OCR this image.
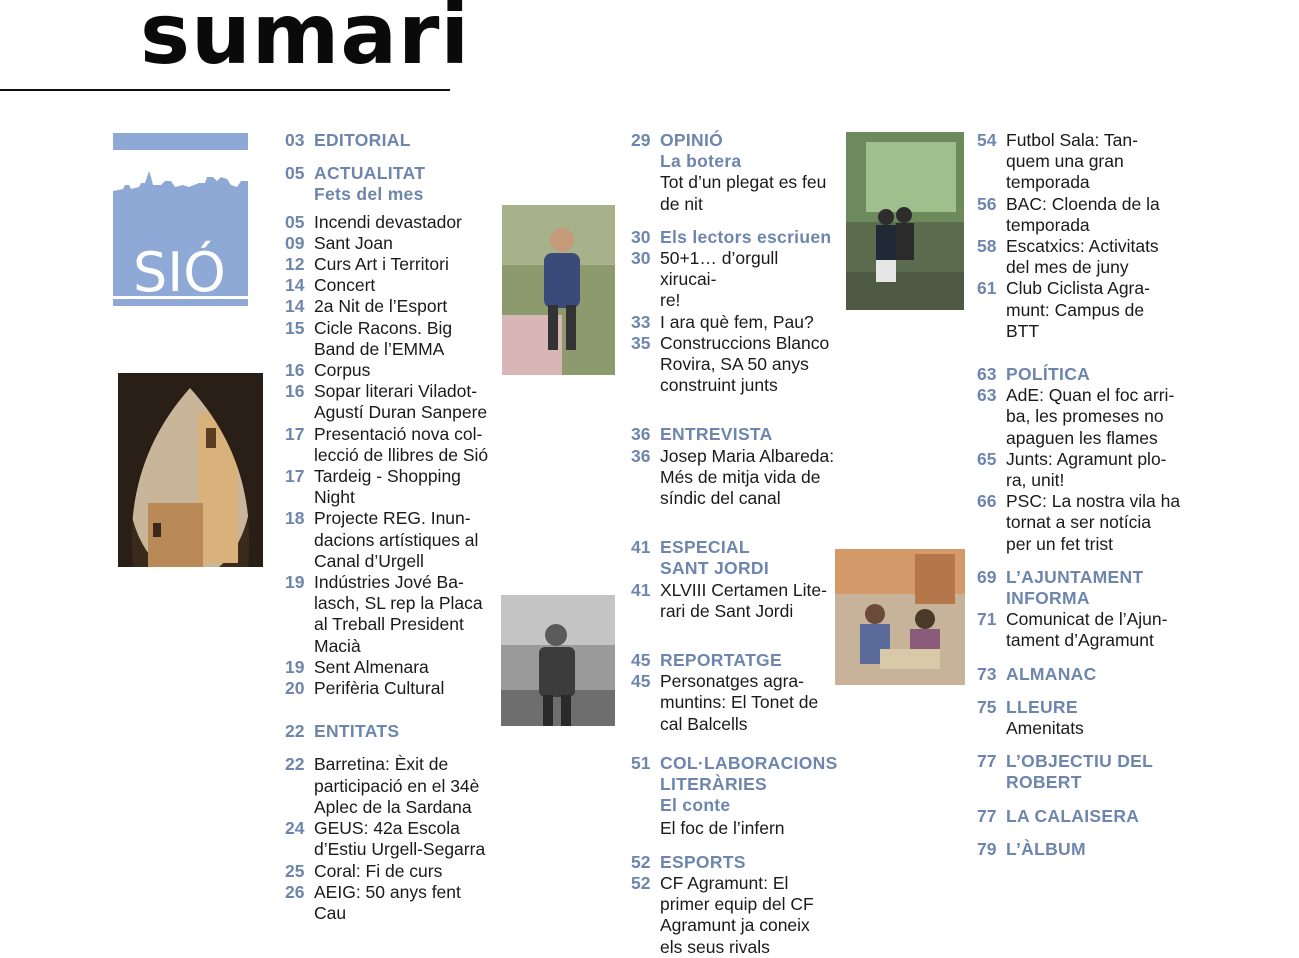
sumari
SIÓ
03 EDITORIAL
05 ACTUALITAT
Fets del mes
05 Incendi devastador
09 Sant Joan
12 Curs Art i Territori
14 Concert
14 2a Nit de l’Esport
15 Cicle Racons. Big
Band de l’EMMA
16 Corpus
16 Sopar literari Viladot-
Agustí Duran Sanpere
17 Presentació nova col-
lecció de llibres de Sió
17 Tardeig - Shopping
Night
18 Projecte REG. Inun-
dacions artístiques al
Canal d’Urgell
19 Indústries Jové Ba-
lasch, SL rep la Placa
al Treball President
Macià
19 Sent Almenara
20 Perifèria Cultural
22 ENTITATS
22 Barretina: Èxit de
participació en el 34è
Aplec de la Sardana
24 GEUS: 42a Escola
d’Estiu Urgell-Segarra
25 Coral: Fi de curs
26 AEIG: 50 anys fent
Cau
29 OPINIÓ
La botera
Tot d’un plegat es feu
de nit
30 Els lectors escriuen
30 50+1… d’orgull xirucai-
re!
33 I ara què fem, Pau?
35 Construccions Blanco
Rovira, SA 50 anys
construint junts
36 ENTREVISTA
36 Josep Maria Albareda:
Més de mitja vida de
síndic del canal
41 ESPECIAL
SANT JORDI
41 XLVIII Certamen Lite-
rari de Sant Jordi
45 REPORTATGE
45 Personatges agra-
muntins: El Tonet de
cal Balcells
51 COL·LABORACIONS
LITERÀRIES
El conte
El foc de l’infern
52 ESPORTS
52 CF Agramunt: El
primer equip del CF
Agramunt ja coneix
els seus rivals
54 Futbol Sala: Tan-
quem una gran
temporada
56 BAC: Cloenda de la
temporada
58 Escatxics: Activitats
del mes de juny
61 Club Ciclista Agra-
munt: Campus de
BTT
63 POLÍTICA
63 AdE: Quan el foc arri-
ba, les promeses no
apaguen les flames
65 Junts: Agramunt plo-
ra, unit!
66 PSC: La nostra vila ha
tornat a ser notícia
per un fet trist
69 L’AJUNTAMENT
INFORMA
71 Comunicat de l’Ajun-
tament d’Agramunt
73 ALMANAC
75 LLEURE
Amenitats
77 L’OBJECTIU DEL
ROBERT
77 LA CALAISERA
79 L’ÀLBUM
